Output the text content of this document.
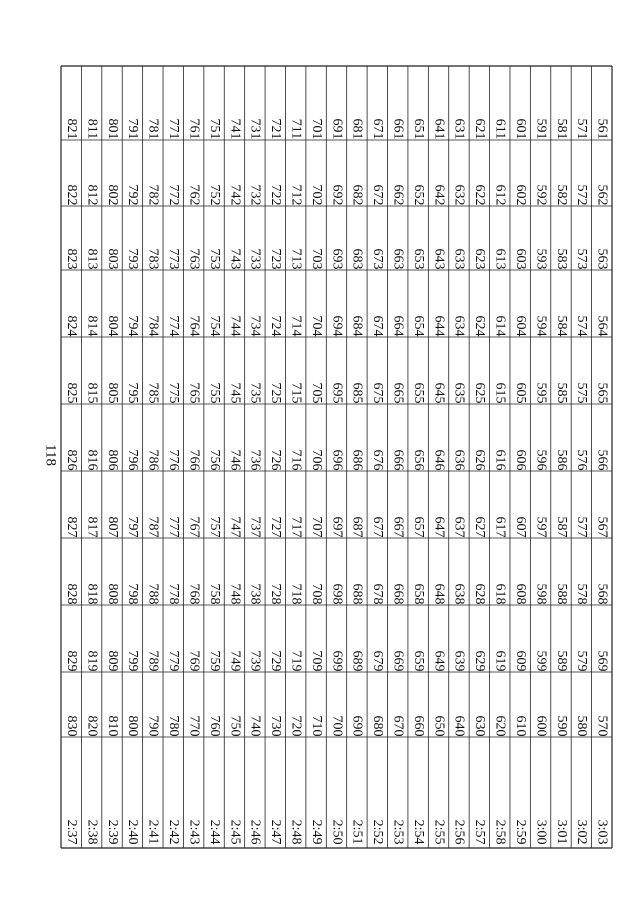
830
829
828
827
826
825
824
823
822
821
2:37
820
819
818
817
816
815
814
813
812
811
2:38
810
809
808
807
806
805
804
803
802
801
2:39
800
799
798
797
796
795
794
793
792
791
2:40
790
789
788
787
786
785
784
783
782
781
2:41
780
779
778
777
776
775
774
773
772
771
2:42
770
769
768
767
766
765
764
763
762
761
2:43
760
759
758
757
756
755
754
753
752
751
2:44
750
749
748
747
746
745
744
743
742
741
2:45
740
739
738
737
736
735
734
733
732
731
2:46
730
729
728
727
726
725
724
723
722
721
2:47
720
719
718
717
716
715
714
713
712
711
2:48
710
709
708
707
706
705
704
703
702
701
2:49
700
699
698
697
696
695
694
693
692
691
2:50
690
689
688
687
686
685
684
683
682
681
2:51
680
679
678
677
676
675
674
673
672
671
2:52
670
669
668
667
666
665
664
663
662
661
2:53
660
659
658
657
656
655
654
653
652
651
2:54
650
649
648
647
646
645
644
643
642
641
2:55
640
639
638
637
636
635
634
633
632
631
2:56
630
629
628
627
626
625
624
623
622
621
2:57
620
619
618
617
616
615
614
613
612
611
2:58
610
609
608
607
606
605
604
603
602
601
2:59
600
599
598
597
596
595
594
593
592
591
3:00
590
589
588
587
586
585
584
583
582
581
3:01
580
579
578
577
576
575
574
573
572
571
3:02
570
569
568
567
566
565
564
563
562
561
3:03
118
